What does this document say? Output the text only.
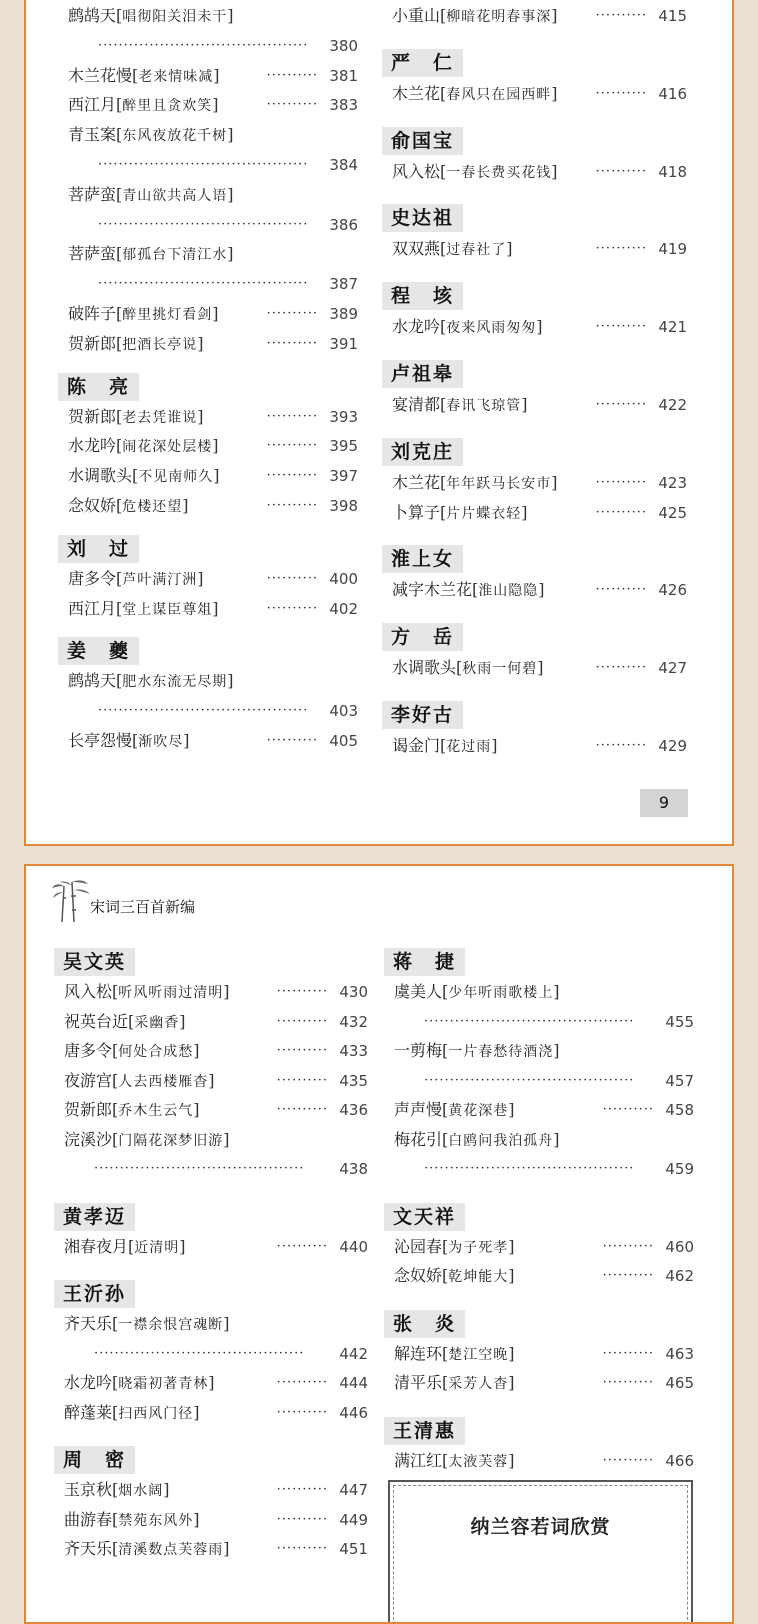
鹧鸪天[唱彻阳关泪未干]
········································· 380
木兰花慢[老来情味减]	·········· 381
西江月[醉里且贪欢笑]	·········· 383
青玉案[东风夜放花千树]
········································· 384
菩萨蛮[青山欲共高人语]
········································· 386
菩萨蛮[郁孤台下清江水]
········································· 387
破阵子[醉里挑灯看剑]	·········· 389
贺新郎[把酒长亭说]	·········· 391
陈　亮
贺新郎[老去凭谁说]	·········· 393
水龙吟[闹花深处层楼]	·········· 395
水调歌头[不见南师久]	·········· 397
念奴娇[危楼还望]	·········· 398
刘　过
唐多令[芦叶满汀洲]	·········· 400
西江月[堂上谋臣尊俎]	·········· 402
姜　夔
鹧鸪天[肥水东流无尽期]
········································· 403
长亭怨慢[渐吹尽]	·········· 405
小重山[柳暗花明春事深]	·········· 415
严　仁
木兰花[春风只在园西畔]	·········· 416
俞国宝
风入松[一春长费买花钱]	·········· 418
史达祖
双双燕[过春社了]	·········· 419
程　垓
水龙吟[夜来风雨匆匆]	·········· 421
卢祖皋
宴清都[春讯飞琼管]	·········· 422
刘克庄
木兰花[年年跃马长安市]	·········· 423
卜算子[片片蝶衣轻]	·········· 425
淮上女
减字木兰花[淮山隐隐]	·········· 426
方　岳
水调歌头[秋雨一何碧]	·········· 427
李好古
谒金门[花过雨]	·········· 429
9
宋词三百首新编
吴文英
风入松[听风听雨过清明]	·········· 430
祝英台近[采幽香]	·········· 432
唐多令[何处合成愁]	·········· 433
夜游宫[人去西楼雁杳]	·········· 435
贺新郎[乔木生云气]	·········· 436
浣溪沙[门隔花深梦旧游]
········································· 438
黄孝迈
湘春夜月[近清明]	·········· 440
王沂孙
齐天乐[一襟余恨宫魂断]
········································· 442
水龙吟[晓霜初著青林]	·········· 444
醉蓬莱[扫西风门径]	·········· 446
周　密
玉京秋[烟水阔]	·········· 447
曲游春[禁苑东风外]	·········· 449
齐天乐[清溪数点芙蓉雨]	·········· 451
蒋　捷
虞美人[少年听雨歌楼上]
········································· 455
一剪梅[一片春愁待酒浇]
········································· 457
声声慢[黄花深巷]	·········· 458
梅花引[白鸥问我泊孤舟]
········································· 459
文天祥
沁园春[为子死孝]	·········· 460
念奴娇[乾坤能大]	·········· 462
张　炎
解连环[楚江空晚]	·········· 463
清平乐[采芳人杳]	·········· 465
王清惠
满江红[太液芙蓉]	·········· 466
纳兰容若词欣赏
